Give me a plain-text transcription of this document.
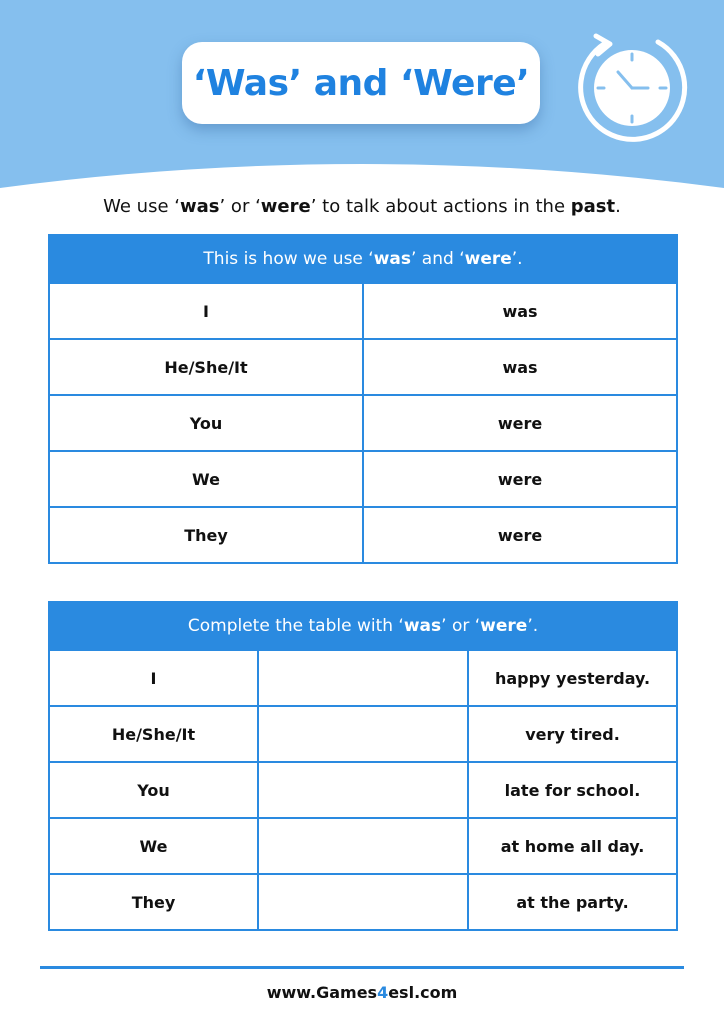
‘Was’ and ‘Were’
We use ‘was’ or ‘were’ to talk about actions in the past.
This is how we use ‘was’ and ‘were’.	
I	was
He/She/It	was
You	were
We	were
They	were
Complete the table with ‘was’ or ‘were’.		
I		happy yesterday.
He/She/It		very tired.
You		late for school.
We		at home all day.
They		at the party.
www.Games4esl.com
